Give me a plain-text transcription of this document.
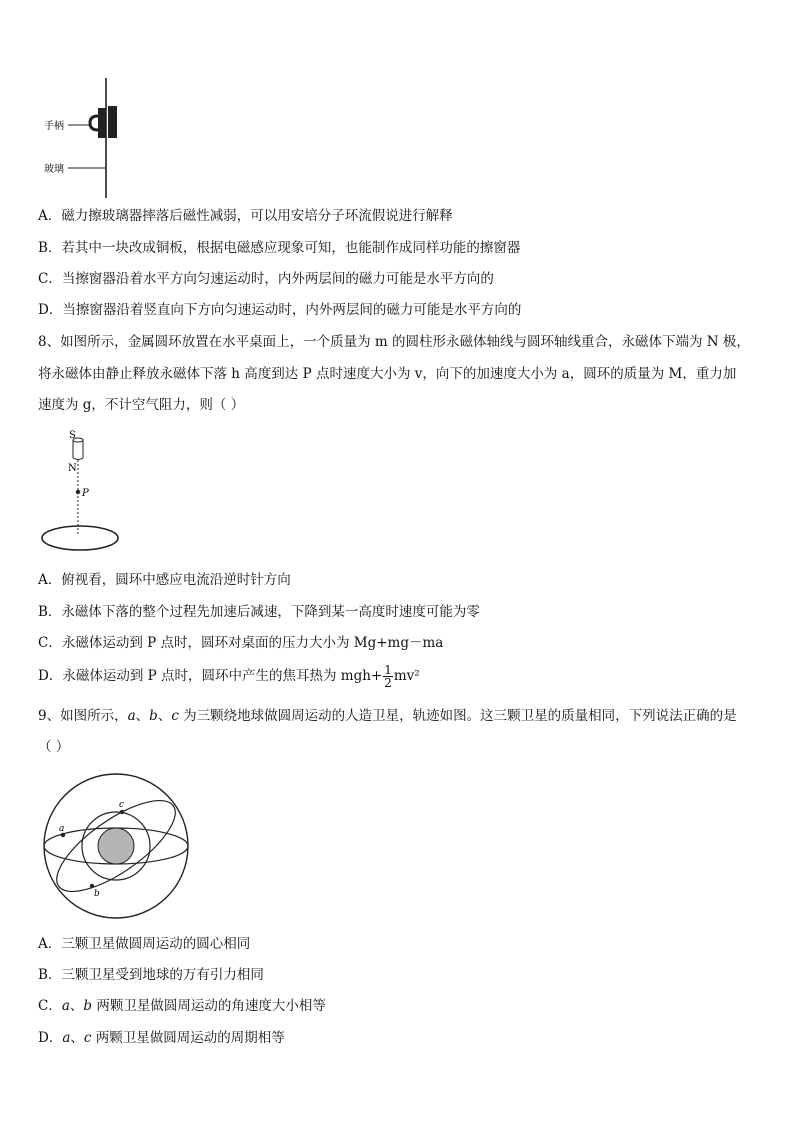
手柄
玻璃
A．磁力擦玻璃器摔落后磁性减弱，可以用安培分子环流假说进行解释
B．若其中一块改成铜板，根据电磁感应现象可知，也能制作成同样功能的擦窗器
C．当擦窗器沿着水平方向匀速运动时，内外两层间的磁力可能是水平方向的
D．当擦窗器沿着竖直向下方向匀速运动时，内外两层间的磁力可能是水平方向的
8、如图所示，金属圆环放置在水平桌面上，一个质量为 m 的圆柱形永磁体轴线与圆环轴线重合，永磁体下端为 N 极，
将永磁体由静止释放永磁体下落 h 高度到达 P 点时速度大小为 v，向下的加速度大小为 a，圆环的质量为 M，重力加
速度为 g，不计空气阻力，则（ ）
S
N
P
A．俯视看，圆环中感应电流沿逆时针方向
B．永磁体下落的整个过程先加速后减速，下降到某一高度时速度可能为零
C．永磁体运动到 P 点时，圆环对桌面的压力大小为 Mg+mg－ma
D．永磁体运动到 P 点时，圆环中产生的焦耳热为 $mgh+ \frac{1}{2} mv^2$
9、如图所示，a、b、c 为三颗绕地球做圆周运动的人造卫星，轨迹如图。这三颗卫星的质量相同，下列说法正确的是
（ ）
a
c
b
A．三颗卫星做圆周运动的圆心相同
B．三颗卫星受到地球的万有引力相同
C．a、b 两颗卫星做圆周运动的角速度大小相等
D．a、c 两颗卫星做圆周运动的周期相等
